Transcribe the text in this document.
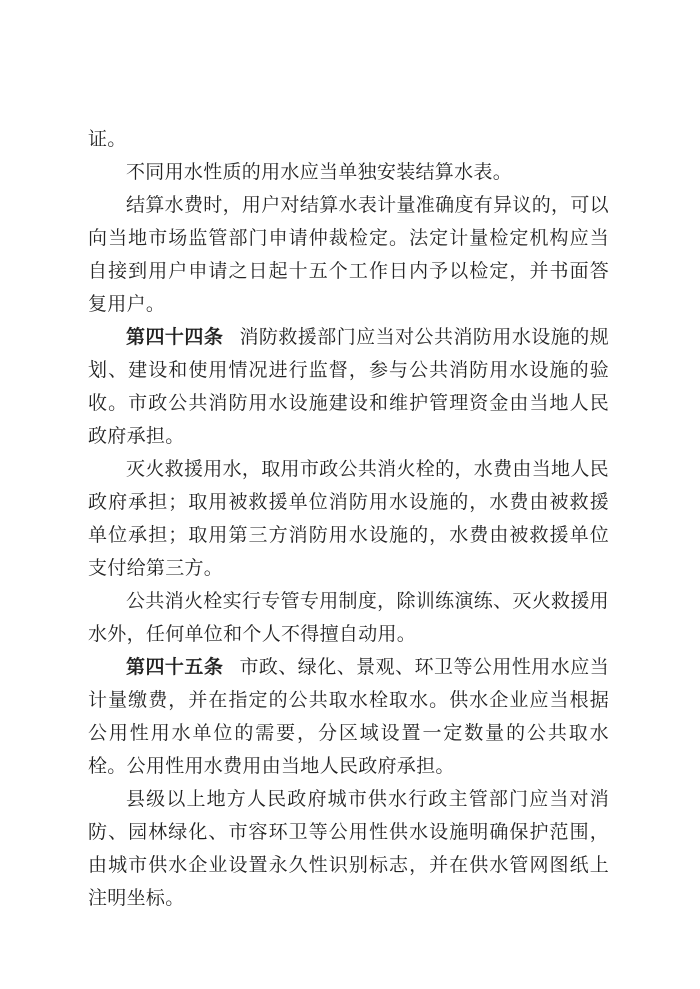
证。

不同用水性质的用水应当单独安装结算水表。

结算水费时，用户对结算水表计量准确度有异议的，可以向当地市场监管部门申请仲裁检定。法定计量检定机构应当自接到用户申请之日起十五个工作日内予以检定，并书面答复用户。

第四十四条 消防救援部门应当对公共消防用水设施的规划、建设和使用情况进行监督，参与公共消防用水设施的验收。市政公共消防用水设施建设和维护管理资金由当地人民政府承担。

灭火救援用水，取用市政公共消火栓的，水费由当地人民政府承担；取用被救援单位消防用水设施的，水费由被救援单位承担；取用第三方消防用水设施的，水费由被救援单位支付给第三方。

公共消火栓实行专管专用制度，除训练演练、灭火救援用水外，任何单位和个人不得擅自动用。

第四十五条 市政、绿化、景观、环卫等公用性用水应当计量缴费，并在指定的公共取水栓取水。供水企业应当根据公用性用水单位的需要，分区域设置一定数量的公共取水栓。公用性用水费用由当地人民政府承担。

县级以上地方人民政府城市供水行政主管部门应当对消防、园林绿化、市容环卫等公用性供水设施明确保护范围，由城市供水企业设置永久性识别标志，并在供水管网图纸上注明坐标。
